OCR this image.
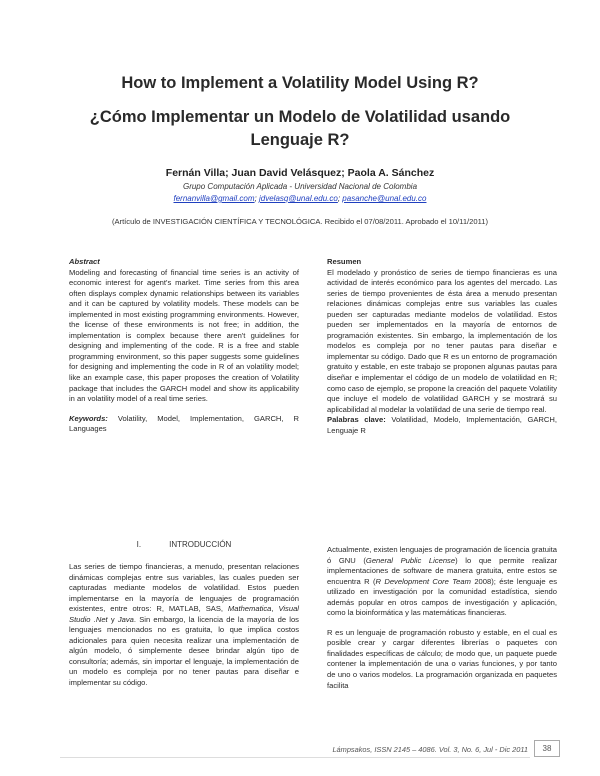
How to Implement a Volatility Model Using R?
¿Cómo Implementar un Modelo de Volatilidad usando Lenguaje R?
Fernán Villa; Juan David Velásquez; Paola A. Sánchez
Grupo Computación Aplicada - Universidad Nacional de Colombia
fernanvilla@gmail.com; jdvelasq@unal.edu.co; pasanche@unal.edu.co
(Artículo de INVESTIGACIÓN CIENTÍFICA Y TECNOLÓGICA. Recibido el 07/08/2011. Aprobado el 10/11/2011)

Abstract

Modeling and forecasting of financial time series is an activity of economic interest for agent's market. Time series from this area often displays complex dynamic relationships between its variables and it can be captured by volatility models. These models can be implemented in most existing programming environments. However, the license of these environments is not free; in addition, the implementation is complex because there aren't guidelines for designing and implementing of the code. R is a free and stable programming environment, so this paper suggests some guidelines for designing and implementing the code in R of an volatility model; like an example case, this paper proposes the creation of Volatility package that includes the GARCH model and show its applicability in an volatility model of a real time series.

Keywords: Volatility, Model, Implementation, GARCH, R Languages

Resumen

El modelado y pronóstico de series de tiempo financieras es una actividad de interés económico para los agentes del mercado. Las series de tiempo provenientes de ésta área a menudo presentan relaciones dinámicas complejas entre sus variables las cuales pueden ser capturadas mediante modelos de volatilidad. Estos pueden ser implementados en la mayoría de entornos de programación existentes. Sin embargo, la implementación de los modelos es compleja por no tener pautas para diseñar e implementar su código. Dado que R es un entorno de programación gratuito y estable, en este trabajo se proponen algunas pautas para diseñar e implementar el código de un modelo de volatilidad en R; como caso de ejemplo, se propone la creación del paquete Volatility que incluye el modelo de volatilidad GARCH y se mostrará su aplicabilidad al modelar la volatilidad de una serie de tiempo real.

Palabras clave: Volatilidad, Modelo, Implementación, GARCH, Lenguaje R

I.	INTRODUCCIÓN

Las series de tiempo financieras, a menudo, presentan relaciones dinámicas complejas entre sus variables, las cuales pueden ser capturadas mediante modelos de volatilidad. Estos pueden implementarse en la mayoría de lenguajes de programación existentes, entre otros: R, MATLAB, SAS, Mathematica, Visual Studio .Net y Java. Sin embargo, la licencia de la mayoría de los lenguajes mencionados no es gratuita, lo que implica costos adicionales para quien necesita realizar una implementación de algún modelo, ó simplemente desee brindar algún tipo de consultoría; además, sin importar el lenguaje, la implementación de un modelo es compleja por no tener pautas para diseñar e implementar su código.

Actualmente, existen lenguajes de programación de licencia gratuita ó GNU (General Public License) lo que permite realizar implementaciones de software de manera gratuita, entre estos se encuentra R (R Development Core Team 2008); éste lenguaje es utilizado en investigación por la comunidad estadística, siendo además popular en otros campos de investigación y aplicación, como la bioinformática y las matemáticas financieras.

R es un lenguaje de programación robusto y estable, en el cual es posible crear y cargar diferentes librerías o paquetes con finalidades específicas de cálculo; de modo que, un paquete puede contener la implementación de una o varias funciones, y por tanto de uno o varios modelos. La programación organizada en paquetes facilita

Lámpsakos, ISSN 2145 – 4086. Vol. 3, No. 6, Jul - Dic 2011	38
